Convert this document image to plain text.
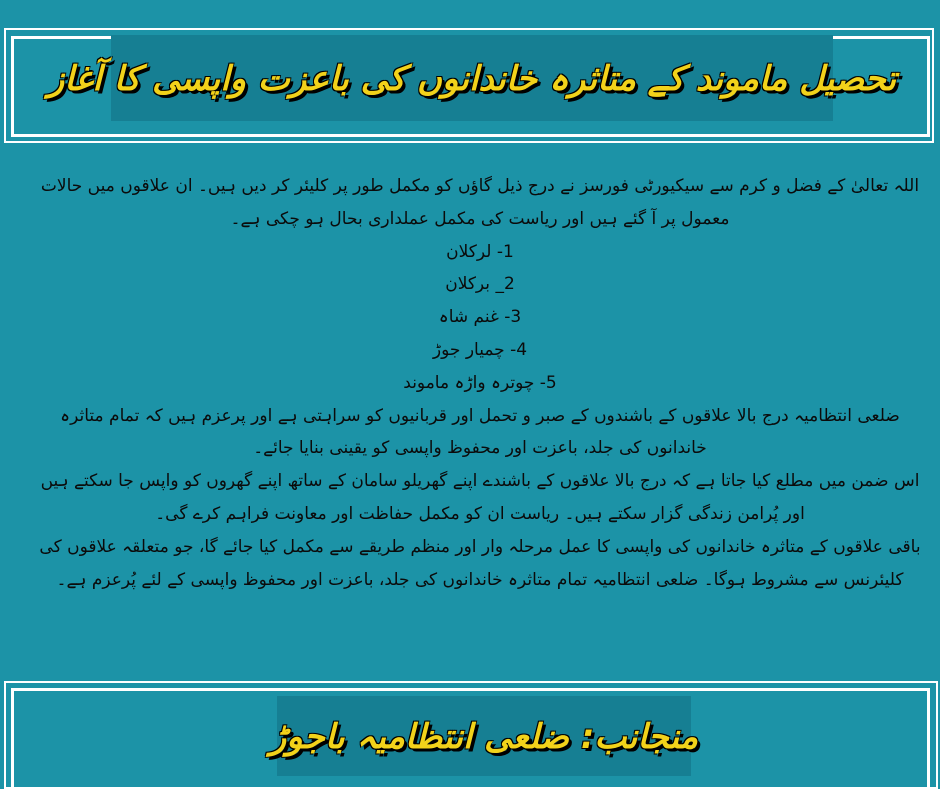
تحصیل ماموند کے متاثرہ خاندانوں کی باعزت واپسی کا آغاز

اللہ تعالیٰ کے فضل و کرم سے سیکیورٹی فورسز نے درج ذیل گاؤں کو مکمل طور پر کلیئر کر دیں ہیں۔ ان علاقوں میں حالات معمول پر آ گئے ہیں اور ریاست کی مکمل عملداری بحال ہو چکی ہے۔

1- لرکلان

2_ برکلان

3- غنم شاہ

4- چمیار جوڑ

5- چوترہ واڑہ ماموند

ضلعی انتظامیہ درج بالا علاقوں کے باشندوں کے صبر و تحمل اور قربانیوں کو سراہتی ہے اور پرعزم ہیں کہ تمام متاثرہ خاندانوں کی جلد، باعزت اور محفوظ واپسی کو یقینی بنایا جائے۔

اس ضمن میں مطلع کیا جاتا ہے کہ درج بالا علاقوں کے باشندے اپنے گھریلو سامان کے ساتھ اپنے گھروں کو واپس جا سکتے ہیں اور پُرامن زندگی گزار سکتے ہیں۔ ریاست ان کو مکمل حفاظت اور معاونت فراہم کرے گی۔

باقی علاقوں کے متاثرہ خاندانوں کی واپسی کا عمل مرحلہ وار اور منظم طریقے سے مکمل کیا جائے گا، جو متعلقہ علاقوں کی کلیئرنس سے مشروط ہوگا۔ ضلعی انتظامیہ تمام متاثرہ خاندانوں کی جلد، باعزت اور محفوظ واپسی کے لئے پُرعزم ہے۔

منجانب: ضلعی انتظامیہ باجوڑ
